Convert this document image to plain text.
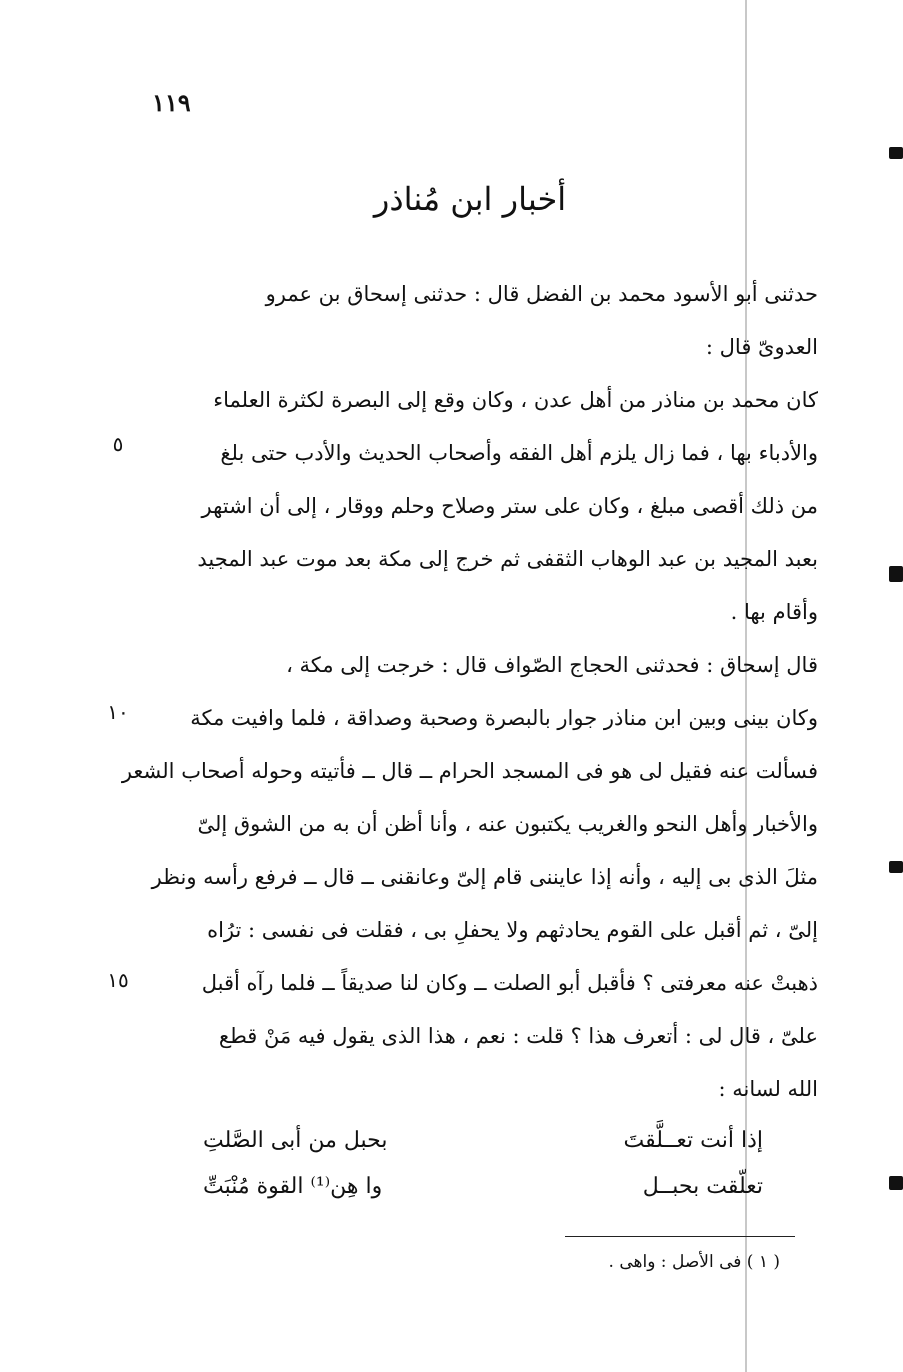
١١٩
أخبار ابن مُناذر
حدثنى أبو الأسود محمد بن الفضل قال : حدثنى إسحاق بن عمرو
العدوىّ قال :
كان محمد بن مناذر من أهل عدن ، وكان وقع إلى البصرة لكثرة العلماء
والأدباء بها ، فما زال يلزم أهل الفقه وأصحاب الحديث والأدب حتى بلغ
من ذلك أقصى مبلغ ، وكان على ستر وصلاح وحلم ووقار ، إلى أن اشتهر
بعبد المجيد بن عبد الوهاب الثقفى ثم خرج إلى مكة بعد موت عبد المجيد
وأقام بها .
قال إسحاق : فحدثنى الحجاج الصّواف قال : خرجت إلى مكة ،
وكان بينى وبين ابن مناذر جوار بالبصرة وصحبة وصداقة ، فلما وافيت مكة
فسألت عنه فقيل لى هو فى المسجد الحرام ــ قال ــ فأتيته وحوله أصحاب الشعر
والأخبار وأهل النحو والغريب يكتبون عنه ، وأنا أظن أن به من الشوق إلىّ
مثلَ الذى بى إليه ، وأنه إذا عايننى قام إلىّ وعانقنى ــ قال ــ فرفع رأسه ونظر
إلىّ ، ثم أقبل على القوم يحادثهم ولا يحفلِ بى ، فقلت فى نفسى : ترُاه
ذهبتْ عنه معرفتى ؟ فأقبل أبو الصلت ــ وكان لنا صديقاً ــ فلما رآه أقبل
علىّ ، قال لى : أتعرف هذا ؟ قلت : نعم ، هذا الذى يقول فيه مَنْ قطع
الله لسانه :
٥
١٠
١٥
إذا أنت تعــلَّقتَ
بحبل من أبى الصَّلتِ
تعلّقت بحبــل
وا هِن⁽¹⁾ القوة مُنْبَتِّ
( ١ ) فى الأصل : واهى .
